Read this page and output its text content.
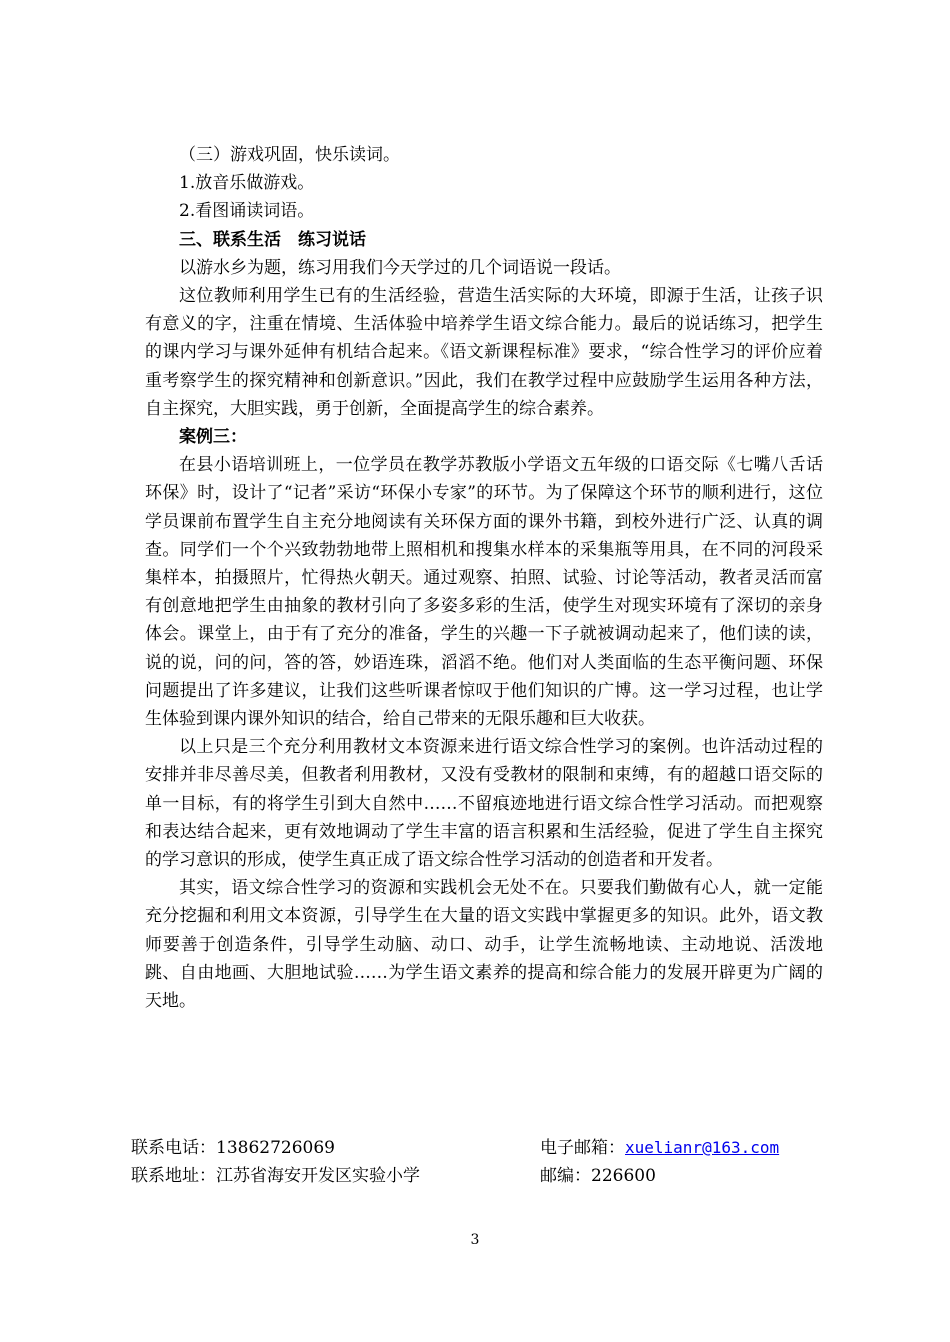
（三）游戏巩固，快乐读词。

1.放音乐做游戏。

2.看图诵读词语。

三、联系生活　练习说话

以游水乡为题，练习用我们今天学过的几个词语说一段话。

这位教师利用学生已有的生活经验，营造生活实际的大环境，即源于生活，让孩子识有意义的字，注重在情境、生活体验中培养学生语文综合能力。最后的说话练习，把学生的课内学习与课外延伸有机结合起来。《语文新课程标准》要求，“综合性学习的评价应着重考察学生的探究精神和创新意识。”因此，我们在教学过程中应鼓励学生运用各种方法，自主探究，大胆实践，勇于创新，全面提高学生的综合素养。

案例三：

在县小语培训班上，一位学员在教学苏教版小学语文五年级的口语交际《七嘴八舌话环保》时，设计了“记者”采访“环保小专家”的环节。为了保障这个环节的顺利进行，这位学员课前布置学生自主充分地阅读有关环保方面的课外书籍，到校外进行广泛、认真的调查。同学们一个个兴致勃勃地带上照相机和搜集水样本的采集瓶等用具，在不同的河段采集样本，拍摄照片，忙得热火朝天。通过观察、拍照、试验、讨论等活动，教者灵活而富有创意地把学生由抽象的教材引向了多姿多彩的生活，使学生对现实环境有了深切的亲身体会。课堂上，由于有了充分的准备，学生的兴趣一下子就被调动起来了，他们读的读，说的说，问的问，答的答，妙语连珠，滔滔不绝。他们对人类面临的生态平衡问题、环保问题提出了许多建议，让我们这些听课者惊叹于他们知识的广博。这一学习过程，也让学生体验到课内课外知识的结合，给自己带来的无限乐趣和巨大收获。

以上只是三个充分利用教材文本资源来进行语文综合性学习的案例。也许活动过程的安排并非尽善尽美，但教者利用教材，又没有受教材的限制和束缚，有的超越口语交际的单一目标，有的将学生引到大自然中……不留痕迹地进行语文综合性学习活动。而把观察和表达结合起来，更有效地调动了学生丰富的语言积累和生活经验，促进了学生自主探究的学习意识的形成，使学生真正成了语文综合性学习活动的创造者和开发者。

其实，语文综合性学习的资源和实践机会无处不在。只要我们勤做有心人，就一定能充分挖掘和利用文本资源，引导学生在大量的语文实践中掌握更多的知识。此外，语文教师要善于创造条件，引导学生动脑、动口、动手，让学生流畅地读、主动地说、活泼地跳、自由地画、大胆地试验……为学生语文素养的提高和综合能力的发展开辟更为广阔的天地。

联系电话：13862726069	电子邮箱：xuelianr@163.com
联系地址：江苏省海安开发区实验小学	邮编：226600
3
